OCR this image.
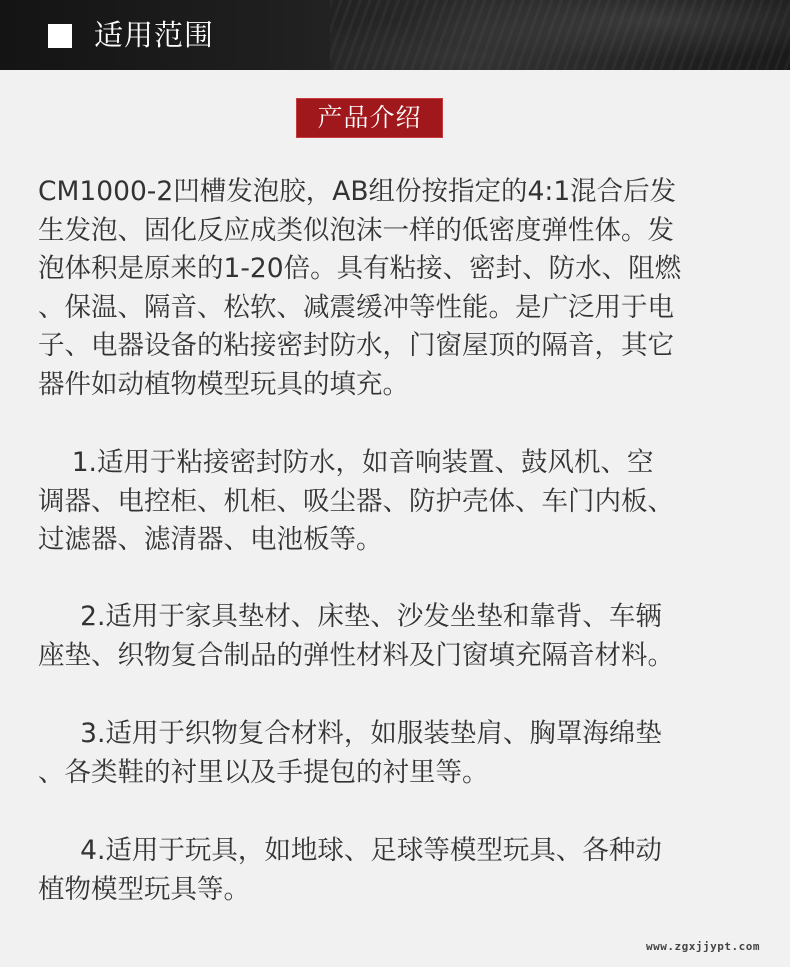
适用范围
产品介绍
CM1000-2凹槽发泡胶，AB组份按指定的4:1混合后发
生发泡、固化反应成类似泡沫一样的低密度弹性体。发
泡体积是原来的1-20倍。具有粘接、密封、防水、阻燃
、保温、隔音、松软、减震缓冲等性能。是广泛用于电
子、电器设备的粘接密封防水，门窗屋顶的隔音，其它
器件如动植物模型玩具的填充。
1.适用于粘接密封防水，如音响装置、鼓风机、空
调器、电控柜、机柜、吸尘器、防护壳体、车门内板、
过滤器、滤清器、电池板等。
2.适用于家具垫材、床垫、沙发坐垫和靠背、车辆
座垫、织物复合制品的弹性材料及门窗填充隔音材料。
3.适用于织物复合材料，如服装垫肩、胸罩海绵垫
、各类鞋的衬里以及手提包的衬里等。
4.适用于玩具，如地球、足球等模型玩具、各种动
植物模型玩具等。
www.zgxjjypt.com
